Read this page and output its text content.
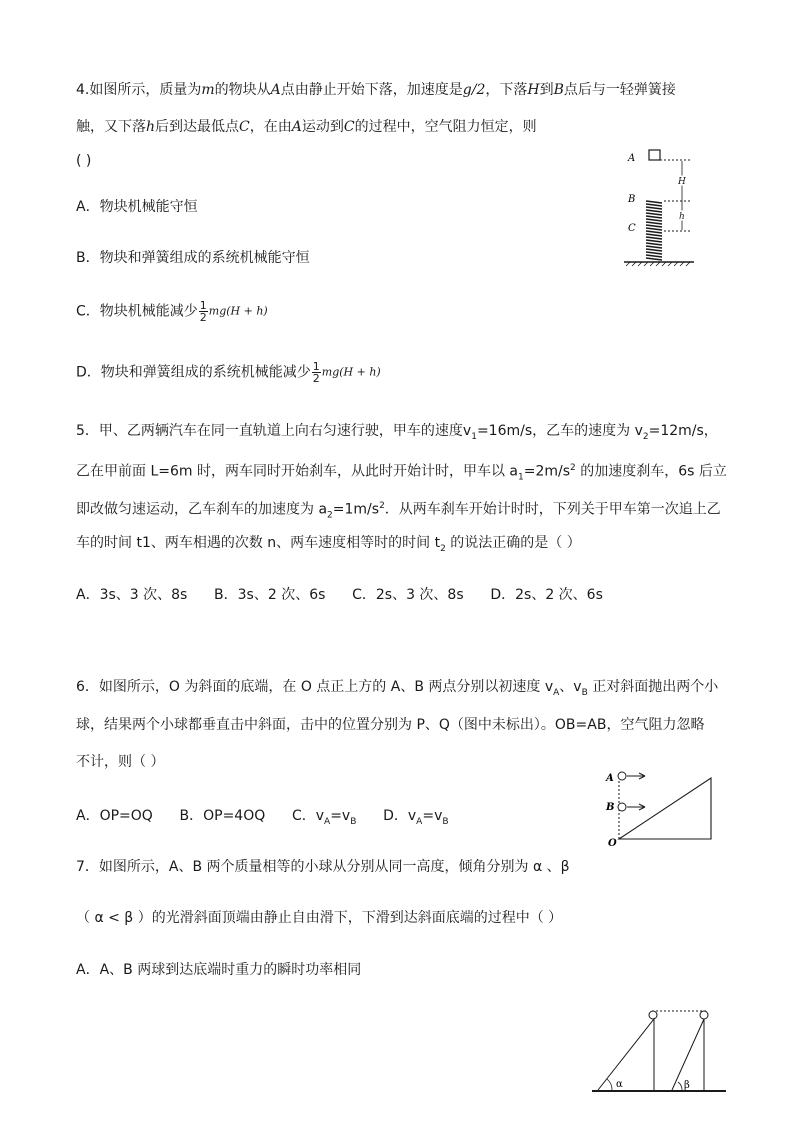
4.如图所示，质量为m的物块从A点由静止开始下落，加速度是g/2，下落H到B点后与一轻弹簧接
触，又下落h后到达最低点C，在由A运动到C的过程中，空气阻力恒定，则
( )
A．物块机械能守恒
B．物块和弹簧组成的系统机械能守恒
C．物块机械能减少 $\frac{1}{2} mg(H + h)$
D．物块和弹簧组成的系统机械能减少 $\frac{1}{2} mg(H + h)$
A
B
C
H
h
5．甲、乙两辆汽车在同一直轨道上向右匀速行驶，甲车的速度$v_1=16m/s$，乙车的速度为 $v_2=12m/s$，
乙在甲前面 L=6m 时，两车同时开始刹车，从此时开始计时，甲车以 $a_1=2m/s^2$ 的加速度刹车，6s 后立
即改做匀速运动，乙车刹车的加速度为 $a_2=1m/s^2$．从两车刹车开始计时时，下列关于甲车第一次追上乙
车的时间 t1、两车相遇的次数 n、两车速度相等时的时间 $t_2$ 的说法正确的是（ ）
A．3s、3 次、8s      B．3s、2 次、6s      C．2s、3 次、8s      D．2s、2 次、6s
6．如图所示，O 为斜面的底端，在 O 点正上方的 A、B 两点分别以初速度 $v_A$、$v_B$ 正对斜面抛出两个小
球，结果两个小球都垂直击中斜面，击中的位置分别为 P、Q（图中未标出）。OB=AB，空气阻力忽略
不计，则（ ）
A．OP=OQ      B．OP=4OQ      C．$v_A=v_B$      D．$v_A=v_B$
A
B
O
7．如图所示，A、B 两个质量相等的小球从分别从同一高度，倾角分别为 α 、β
（ α < β ）的光滑斜面顶端由静止自由滑下，下滑到达斜面底端的过程中（ ）
A．A、B 两球到达底端时重力的瞬时功率相同
α	β
